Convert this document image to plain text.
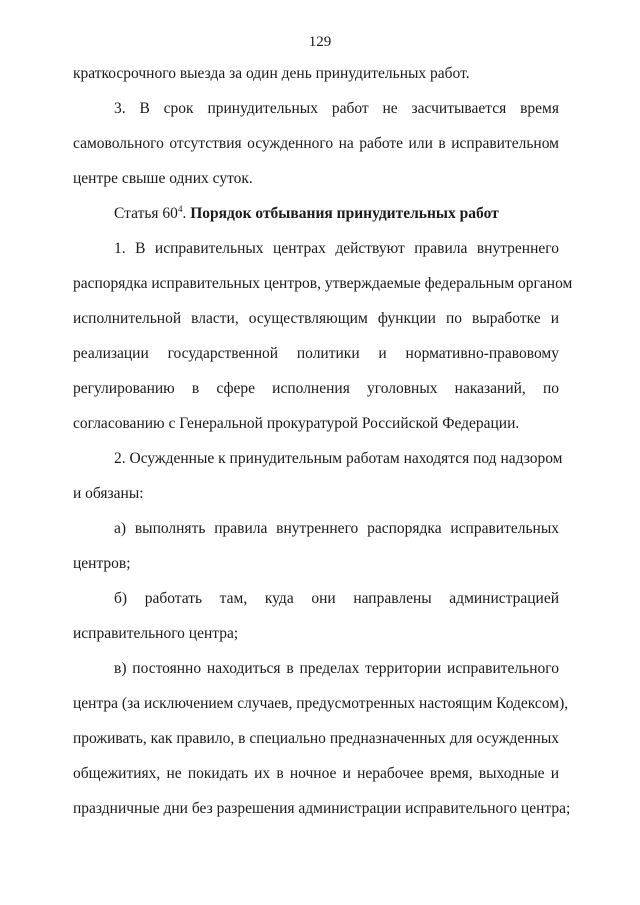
129
краткосрочного выезда за один день принудительных работ.
3. В срок принудительных работ не засчитывается время
самовольного отсутствия осужденного на работе или в исправительном
центре свыше одних суток.
Статья $60^4$. Порядок отбывания принудительных работ
1. В исправительных центрах действуют правила внутреннего
распорядка исправительных центров, утверждаемые федеральным органом
исполнительной власти, осуществляющим функции по выработке и
реализации государственной политики и нормативно-правовому
регулированию в сфере исполнения уголовных наказаний, по
согласованию с Генеральной прокуратурой Российской Федерации.
2. Осужденные к принудительным работам находятся под надзором
и обязаны:
а) выполнять правила внутреннего распорядка исправительных
центров;
б) работать там, куда они направлены администрацией
исправительного центра;
в) постоянно находиться в пределах территории исправительного
центра (за исключением случаев, предусмотренных настоящим Кодексом),
проживать, как правило, в специально предназначенных для осужденных
общежитиях, не покидать их в ночное и нерабочее время, выходные и
праздничные дни без разрешения администрации исправительного центра;
